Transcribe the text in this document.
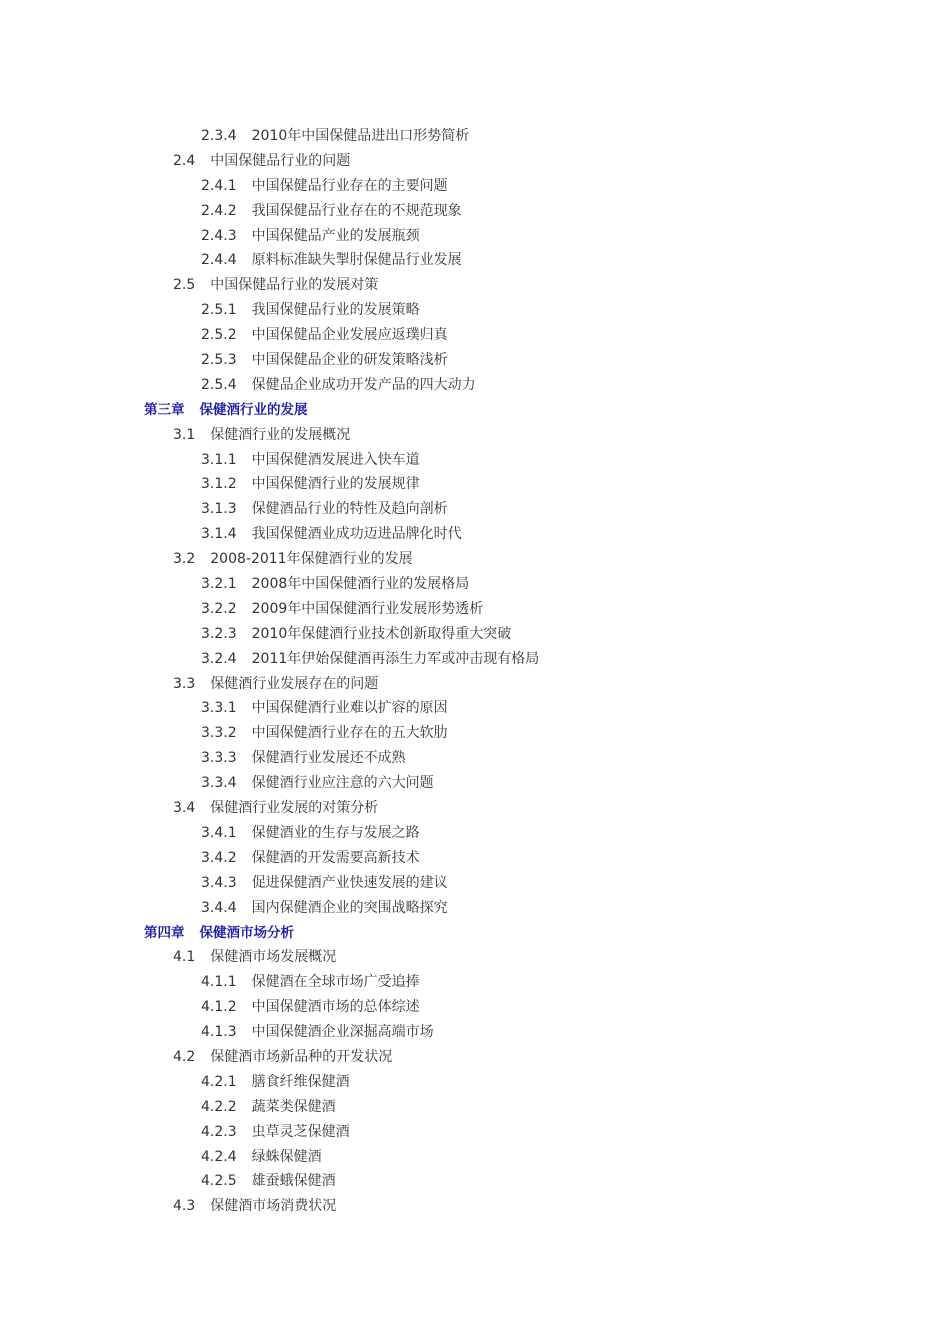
2.3.4 2010年中国保健品进出口形势简析
2.4 中国保健品行业的问题
2.4.1 中国保健品行业存在的主要问题
2.4.2 我国保健品行业存在的不规范现象
2.4.3 中国保健品产业的发展瓶颈
2.4.4 原料标准缺失掣肘保健品行业发展
2.5 中国保健品行业的发展对策
2.5.1 我国保健品行业的发展策略
2.5.2 中国保健品企业发展应返璞归真
2.5.3 中国保健品企业的研发策略浅析
2.5.4 保健品企业成功开发产品的四大动力
第三章 保健酒行业的发展
3.1 保健酒行业的发展概况
3.1.1 中国保健酒发展进入快车道
3.1.2 中国保健酒行业的发展规律
3.1.3 保健酒品行业的特性及趋向剖析
3.1.4 我国保健酒业成功迈进品牌化时代
3.2 2008-2011年保健酒行业的发展
3.2.1 2008年中国保健酒行业的发展格局
3.2.2 2009年中国保健酒行业发展形势透析
3.2.3 2010年保健酒行业技术创新取得重大突破
3.2.4 2011年伊始保健酒再添生力军或冲击现有格局
3.3 保健酒行业发展存在的问题
3.3.1 中国保健酒行业难以扩容的原因
3.3.2 中国保健酒行业存在的五大软肋
3.3.3 保健酒行业发展还不成熟
3.3.4 保健酒行业应注意的六大问题
3.4 保健酒行业发展的对策分析
3.4.1 保健酒业的生存与发展之路
3.4.2 保健酒的开发需要高新技术
3.4.3 促进保健酒产业快速发展的建议
3.4.4 国内保健酒企业的突围战略探究
第四章 保健酒市场分析
4.1 保健酒市场发展概况
4.1.1 保健酒在全球市场广受追捧
4.1.2 中国保健酒市场的总体综述
4.1.3 中国保健酒企业深掘高端市场
4.2 保健酒市场新品种的开发状况
4.2.1 膳食纤维保健酒
4.2.2 蔬菜类保健酒
4.2.3 虫草灵芝保健酒
4.2.4 绿蛛保健酒
4.2.5 雄蚕蛾保健酒
4.3 保健酒市场消费状况
